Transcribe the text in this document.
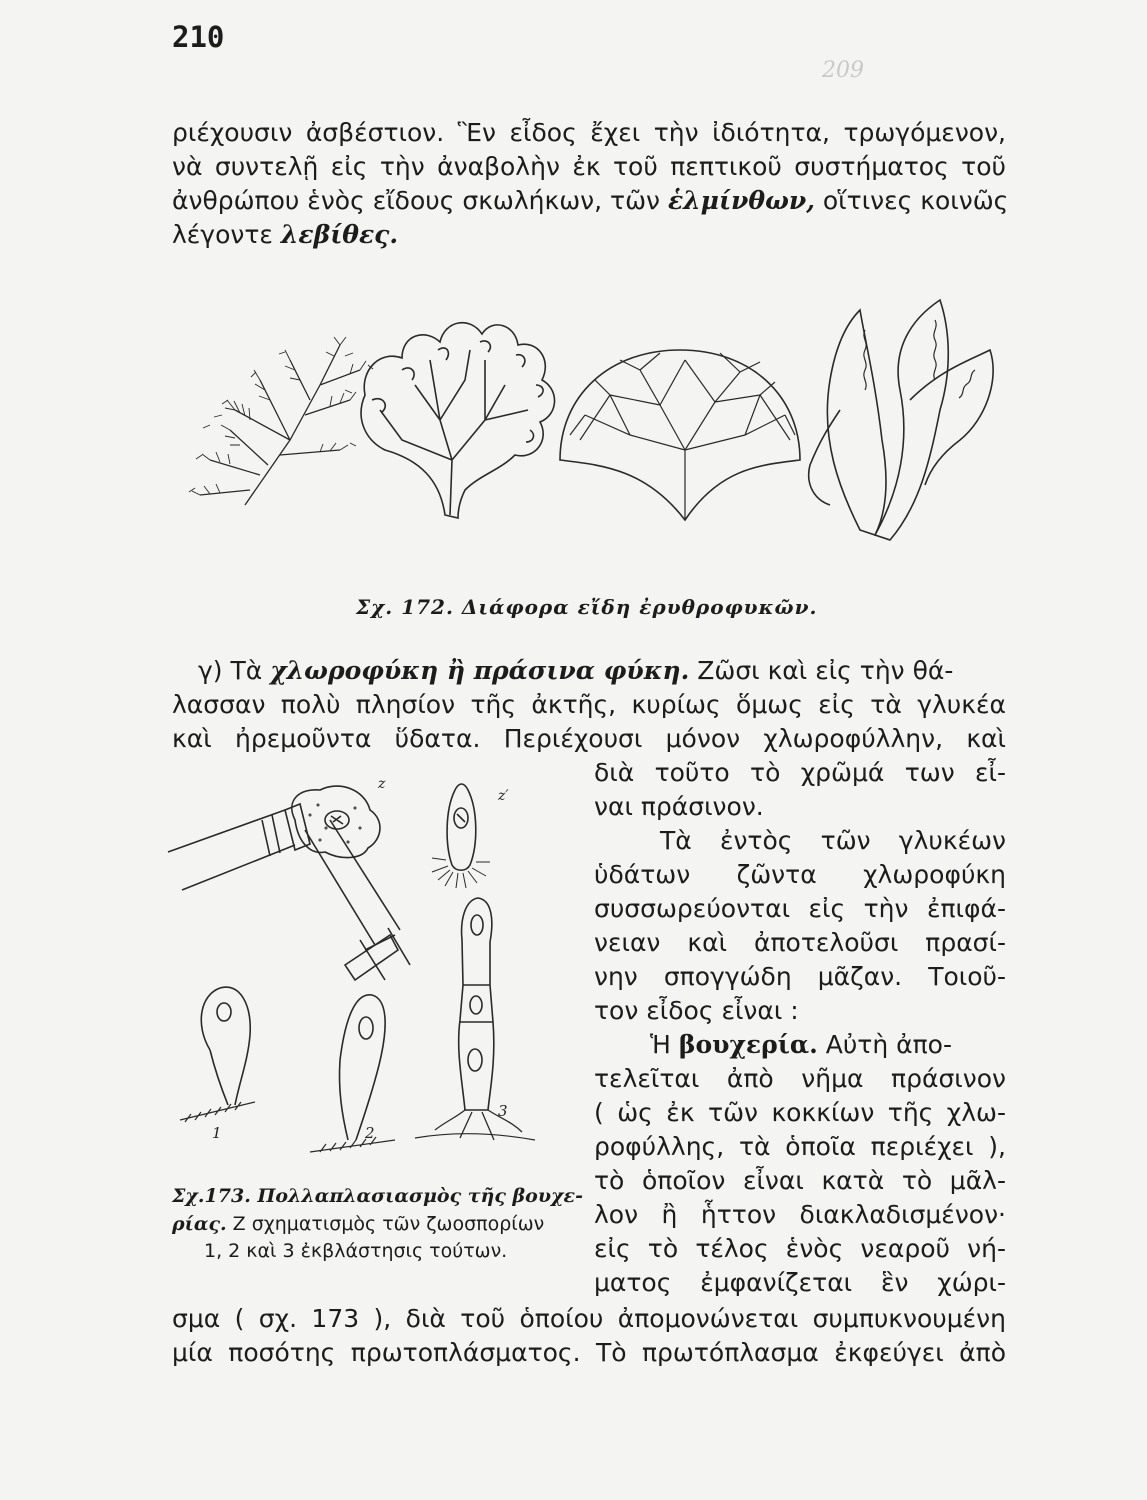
210
209
ριέχουσιν ἀσβέστιον. Ἓν εἶδος ἔχει τὴν ἰδιότητα, τρωγόμενον,
νὰ συντελῇ εἰς τὴν ἀναβολὴν ἐκ τοῦ πεπτικοῦ συστήματος τοῦ
ἀνθρώπου ἑνὸς εἴδους σκωλήκων, τῶν ἑλμίνθων, οἵτινες κοινῶς
λέγοντε λεβίθες.
Σχ. 172. Διάφορα εἴδη ἐρυθροφυκῶν.
γ) Τὰ χλωροφύκη ἢ πράσινα φύκη. Ζῶσι καὶ εἰς τὴν θά-
λασσαν πολὺ πλησίον τῆς ἀκτῆς, κυρίως ὅμως εἰς τὰ γλυκέα
καὶ ἠρεμοῦντα ὕδατα. Περιέχουσι μόνον χλωροφύλλην, καὶ
z
z′
1	2
3
διὰ τοῦτο τὸ χρῶμά των εἶ-
ναι πράσινον.
Τὰ ἐντὸς τῶν γλυκέων
ὑδάτων ζῶντα χλωροφύκη
συσσωρεύονται εἰς τὴν ἐπιφά-
νειαν καὶ ἀποτελοῦσι πρασί-
νην σπογγώδη μᾶζαν. Τοιοῦ-
τον εἶδος εἶναι :
Ἡ βουχερία. Αὐτὴ ἀπο-
τελεῖται ἀπὸ νῆμα πράσινον
( ὡς ἐκ τῶν κοκκίων τῆς χλω-
ροφύλλης, τὰ ὁποῖα περιέχει ),
τὸ ὁποῖον εἶναι κατὰ τὸ μᾶλ-
λον ἢ ἧττον διακλαδισμένον·
εἰς τὸ τέλος ἑνὸς νεαροῦ νή-
ματος ἐμφανίζεται ἓν χώρι-
Σχ.173. Πολλαπλασιασμὸς τῆς βουχε-
ρίας. Ζ σχηματισμὸς τῶν ζωοσπορίων
1, 2 καὶ 3 ἐκβλάστησις τούτων.
σμα ( σχ. 173 ), διὰ τοῦ ὁποίου ἀπομονώνεται συμπυκνουμένη
μία ποσότης πρωτοπλάσματος. Τὸ πρωτόπλασμα ἐκφεύγει ἀπὸ
